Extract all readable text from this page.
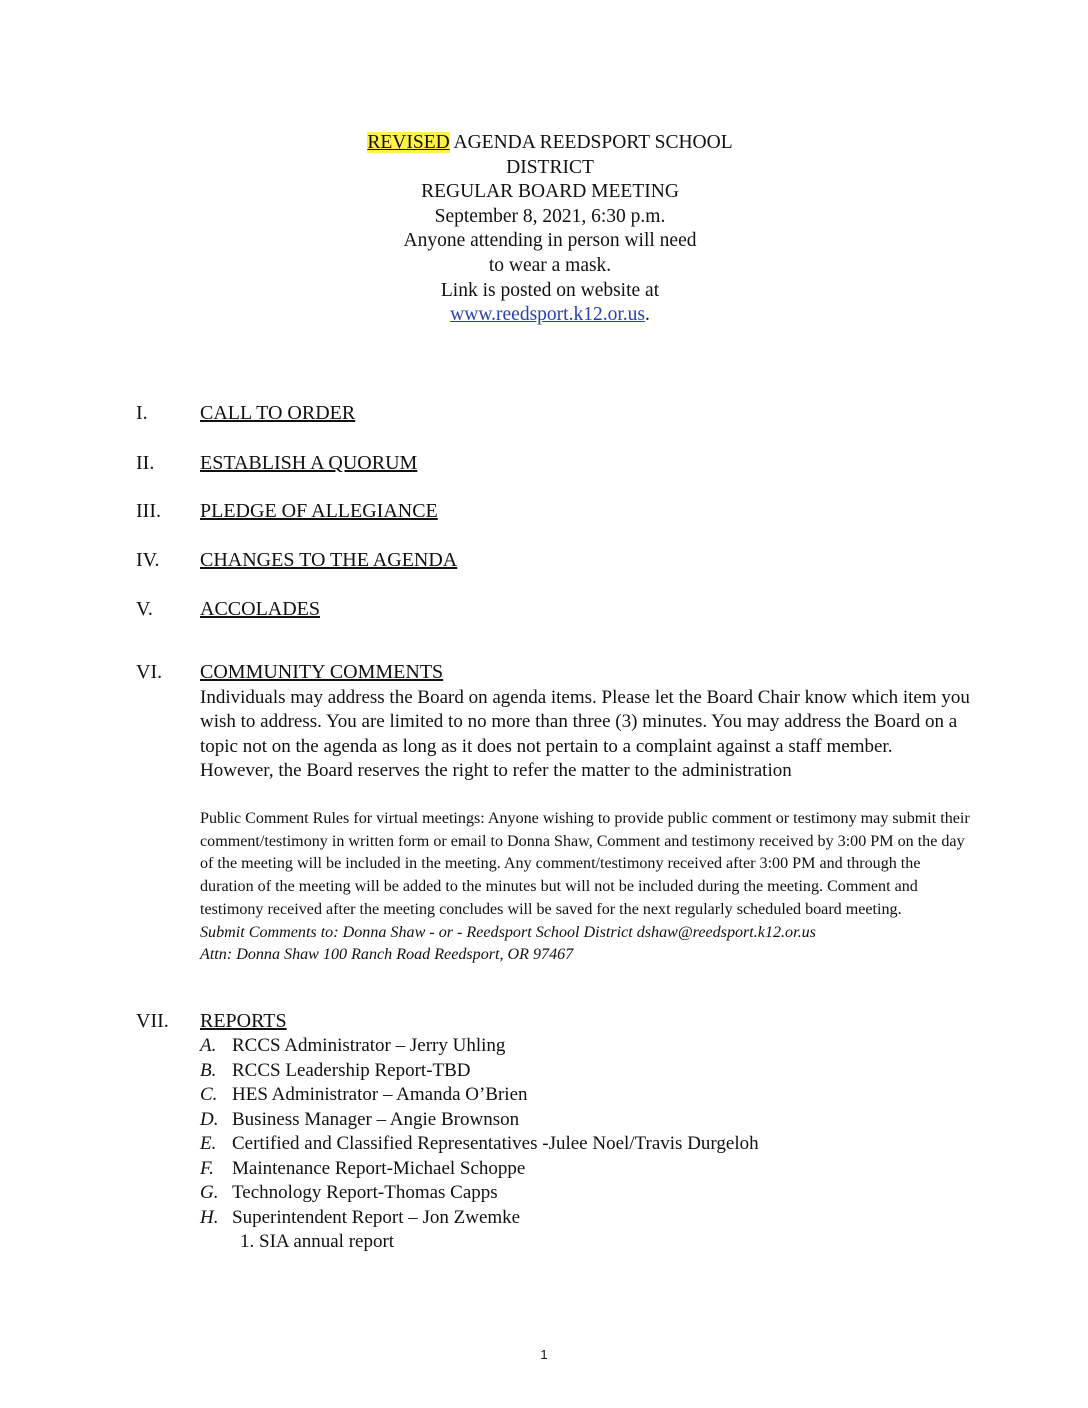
REVISED AGENDA REEDSPORT SCHOOL
DISTRICT
REGULAR BOARD MEETING
September 8, 2021, 6:30 p.m.
Anyone attending in person will need
to wear a mask.
Link is posted on website at
www.reedsport.k12.or.us.
I.	CALL TO ORDER
II. ESTABLISH A QUORUM
III. PLEDGE OF ALLEGIANCE
IV. CHANGES TO THE AGENDA
V. ACCOLADES
VI. COMMUNITY COMMENTS
Individuals may address the Board on agenda items. Please let the Board Chair know which item you wish to address. You are limited to no more than three (3) minutes. You may address the Board on a topic not on the agenda as long as it does not pertain to a complaint against a staff member. However, the Board reserves the right to refer the matter to the administration
Public Comment Rules for virtual meetings: Anyone wishing to provide public comment or testimony may submit their comment/testimony in written form or email to Donna Shaw, Comment and testimony received by 3:00 PM on the day of the meeting will be included in the meeting. Any comment/testimony received after 3:00 PM and through the duration of the meeting will be added to the minutes but will not be included during the meeting. Comment and testimony received after the meeting concludes will be saved for the next regularly scheduled board meeting.
Submit Comments to: Donna Shaw - or - Reedsport School District dshaw@reedsport.k12.or.us
Attn: Donna Shaw 100 Ranch Road Reedsport, OR 97467
VII. REPORTS
A. RCCS Administrator – Jerry Uhling
B. RCCS Leadership Report-TBD
C. HES Administrator – Amanda O’Brien
D. Business Manager – Angie Brownson
E. Certified and Classified Representatives -Julee Noel/Travis Durgeloh
F. Maintenance Report-Michael Schoppe
G. Technology Report-Thomas Capps
H. Superintendent Report – Jon Zwemke
1. SIA annual report
1
